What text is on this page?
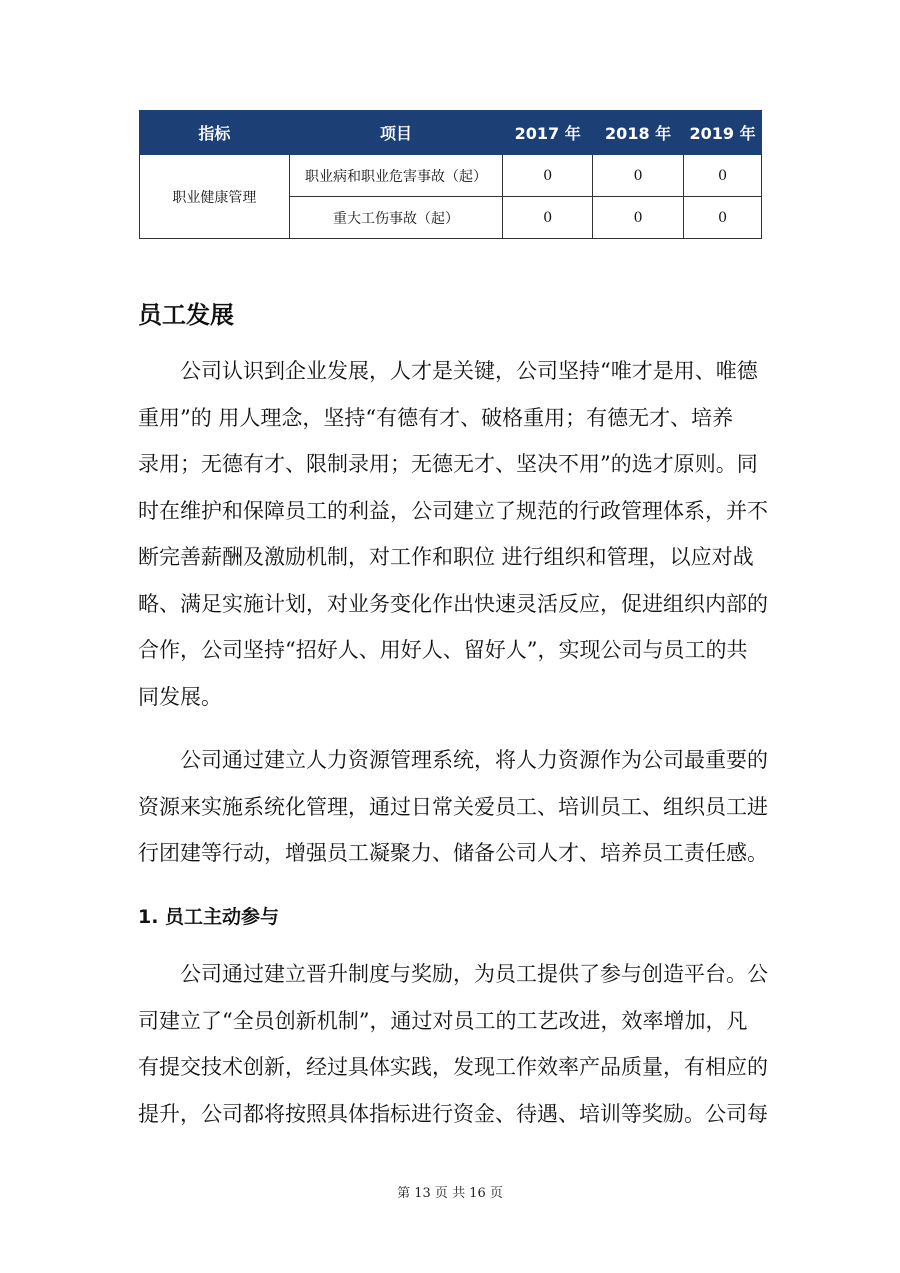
指标	项目	2017 年	2018 年	2019 年
职业健康管理	职业病和职业危害事故（起）	0	0	0
	重大工伤事故（起）	0	0	0
员工发展

　　公司认识到企业发展，人才是关键，公司坚持“唯才是用、唯德
重用”的 用人理念，坚持“有德有才、破格重用；有德无才、培养
录用；无德有才、限制录用；无德无才、坚决不用”的选才原则。同
时在维护和保障员工的利益，公司建立了规范的行政管理体系，并不
断完善薪酬及激励机制，对工作和职位 进行组织和管理，以应对战
略、满足实施计划，对业务变化作出快速灵活反应，促进组织内部的
合作，公司坚持“招好人、用好人、留好人”，实现公司与员工的共
同发展。

　　公司通过建立人力资源管理系统，将人力资源作为公司最重要的
资源来实施系统化管理，通过日常关爱员工、培训员工、组织员工进
行团建等行动，增强员工凝聚力、储备公司人才、培养员工责任感。

1. 员工主动参与

　　公司通过建立晋升制度与奖励，为员工提供了参与创造平台。公
司建立了“全员创新机制”，通过对员工的工艺改进，效率增加，凡
有提交技术创新，经过具体实践，发现工作效率产品质量，有相应的
提升，公司都将按照具体指标进行资金、待遇、培训等奖励。公司每

第 13 页 共 16 页
